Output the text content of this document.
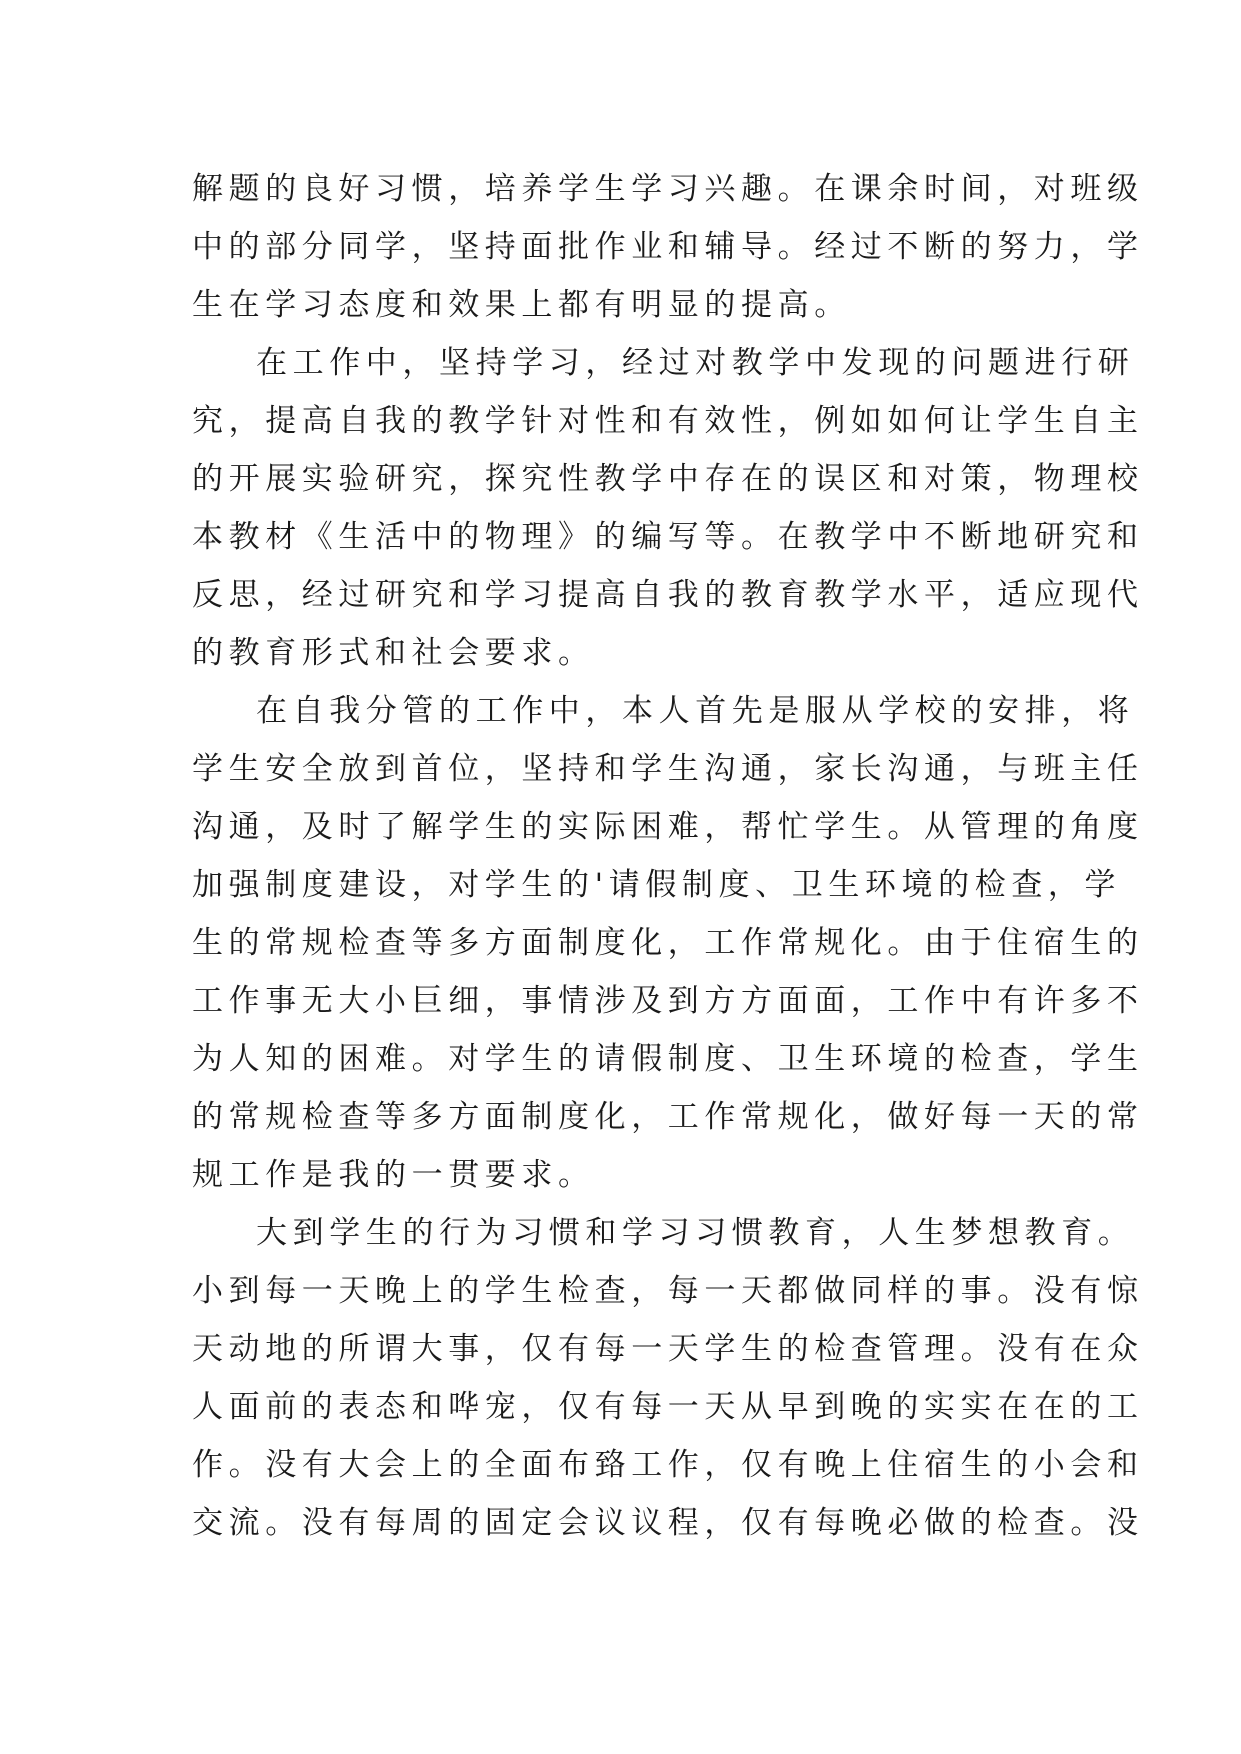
解题的良好习惯，培养学生学习兴趣。在课余时间，对班级
中的部分同学，坚持面批作业和辅导。经过不断的努力，学
生在学习态度和效果上都有明显的提高。
在工作中，坚持学习，经过对教学中发现的问题进行研
究，提高自我的教学针对性和有效性，例如如何让学生自主
的开展实验研究，探究性教学中存在的误区和对策，物理校
本教材《生活中的物理》的编写等。在教学中不断地研究和
反思，经过研究和学习提高自我的教育教学水平，适应现代
的教育形式和社会要求。
在自我分管的工作中，本人首先是服从学校的安排，将
学生安全放到首位，坚持和学生沟通，家长沟通，与班主任
沟通，及时了解学生的实际困难，帮忙学生。从管理的角度
加强制度建设，对学生的'请假制度、卫生环境的检查，学
生的常规检查等多方面制度化，工作常规化。由于住宿生的
工作事无大小巨细，事情涉及到方方面面，工作中有许多不
为人知的困难。对学生的请假制度、卫生环境的检查，学生
的常规检查等多方面制度化，工作常规化，做好每一天的常
规工作是我的一贯要求。
大到学生的行为习惯和学习习惯教育，人生梦想教育。
小到每一天晚上的学生检查，每一天都做同样的事。没有惊
天动地的所谓大事，仅有每一天学生的检查管理。没有在众
人面前的表态和哗宠，仅有每一天从早到晚的实实在在的工
作。没有大会上的全面布臵工作，仅有晚上住宿生的小会和
交流。没有每周的固定会议议程，仅有每晚必做的检查。没
